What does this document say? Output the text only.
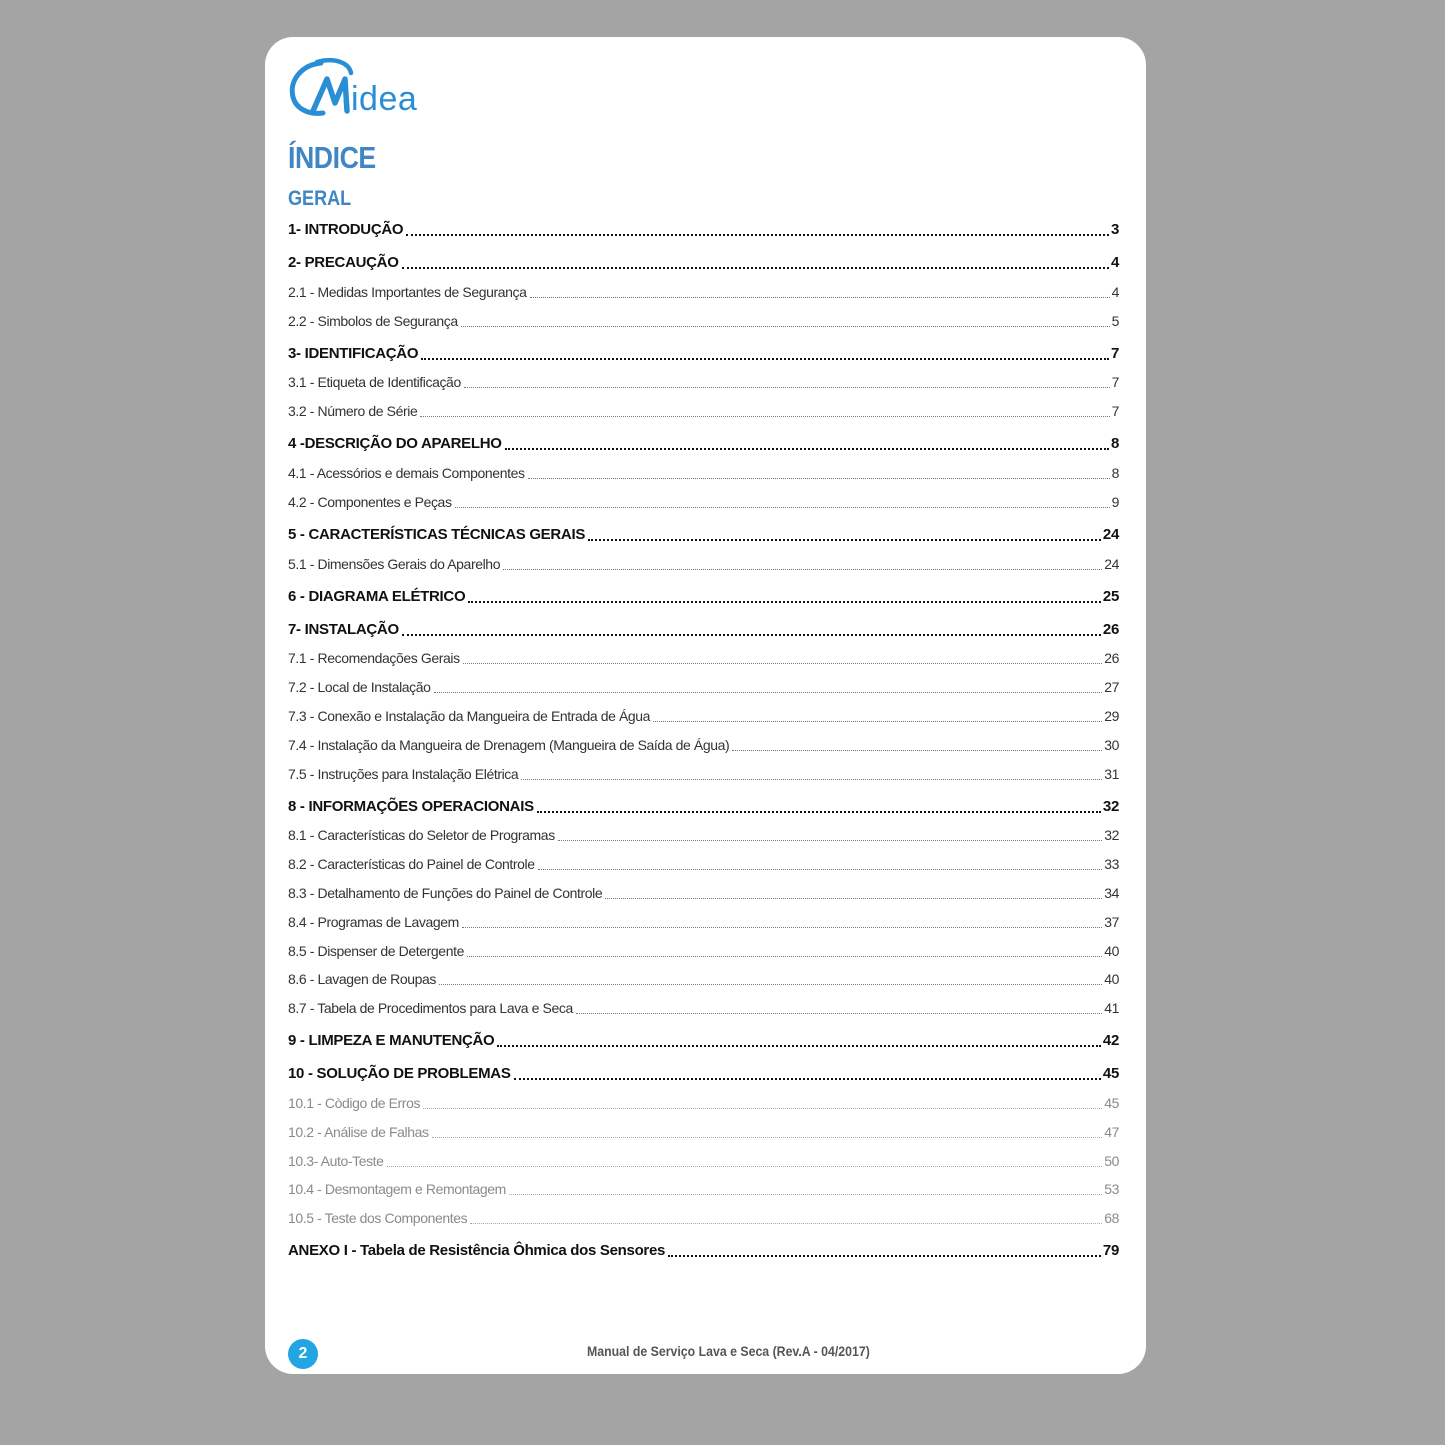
idea
ÍNDICE
GERAL
1- INTRODUÇÃO	3
2- PRECAUÇÃO	4
2.1 - Medidas Importantes de Segurança	4
2.2 - Simbolos de Segurança	5
3- IDENTIFICAÇÃO	7
3.1 - Etiqueta de Identificação	7
3.2 - Número de Série	7
4 -DESCRIÇÃO DO APARELHO	8
4.1 - Acessórios e demais Componentes	8
4.2 - Componentes e Peças	9
5 - CARACTERÍSTICAS TÉCNICAS GERAIS	24
5.1 - Dimensões Gerais do Aparelho	24
6 - DIAGRAMA ELÉTRICO	25
7- INSTALAÇÃO	26
7.1 - Recomendações Gerais	26
7.2 - Local de Instalação	27
7.3 - Conexão e Instalação da Mangueira de Entrada de Água	29
7.4 - Instalação da Mangueira de Drenagem (Mangueira de Saída de Água)	30
7.5 - Instruções para Instalação Elétrica	31
8 - INFORMAÇÕES OPERACIONAIS	32
8.1 - Características do Seletor de Programas	32
8.2 - Características do Painel de Controle	33
8.3 - Detalhamento de Funções do Painel de Controle	34
8.4 - Programas de Lavagem	37
8.5 - Dispenser de Detergente	40
8.6 - Lavagen de Roupas	40
8.7 - Tabela de Procedimentos para Lava e Seca	41
9 - LIMPEZA E MANUTENÇÃO	42
10 - SOLUÇÃO DE PROBLEMAS	45
10.1 - Còdigo de Erros	45
10.2 - Análise de Falhas	47
10.3- Auto-Teste	50
10.4 - Desmontagem e Remontagem	53
10.5 - Teste dos Componentes	68
ANEXO I - Tabela de Resistência Ôhmica dos Sensores	79
2	Manual de Serviço Lava e Seca (Rev.A - 04/2017)
